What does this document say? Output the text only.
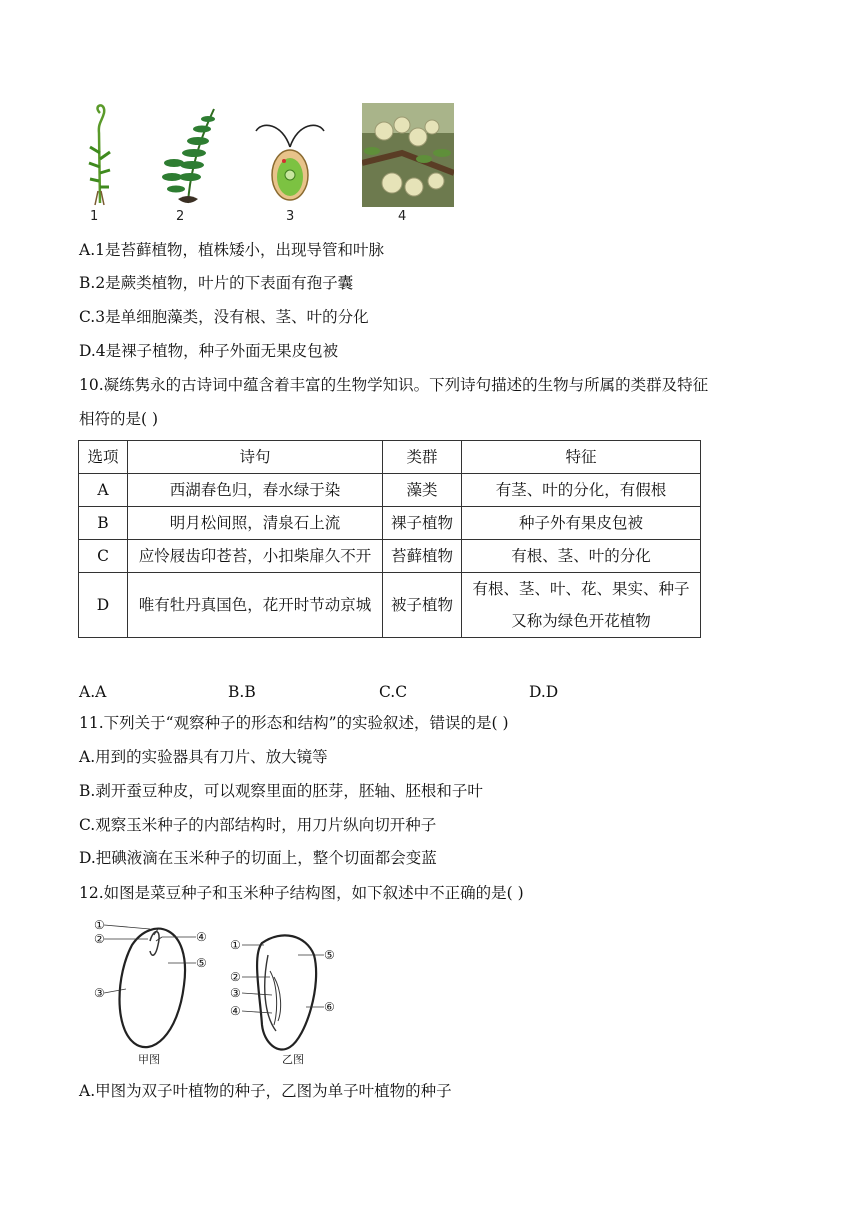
1	2	3	4
A.1是苔藓植物，植株矮小，出现导管和叶脉
B.2是蕨类植物，叶片的下表面有孢子囊
C.3是单细胞藻类，没有根、茎、叶的分化
D.4是裸子植物，种子外面无果皮包被
10.凝练隽永的古诗词中蕴含着丰富的生物学知识。下列诗句描述的生物与所属的类群及特征
相符的是( )
选项	诗句	类群	特征
A	西湖春色归，春水绿于染	藻类	有茎、叶的分化，有假根
B	明月松间照，清泉石上流	裸子植物	种子外有果皮包被
C	应怜屐齿印苍苔，小扣柴扉久不开	苔藓植物	有根、茎、叶的分化
D	唯有牡丹真国色，花开时节动京城	被子植物	有根、茎、叶、花、果实、种子又称为绿色开花植物
A.A	B.B	C.C	D.D
11.下列关于“观察种子的形态和结构”的实验叙述，错误的是( )
A.用到的实验器具有刀片、放大镜等
B.剥开蚕豆种皮，可以观察里面的胚芽，胚轴、胚根和子叶
C.观察玉米种子的内部结构时，用刀片纵向切开种子
D.把碘液滴在玉米种子的切面上，整个切面都会变蓝
12.如图是菜豆种子和玉米种子结构图，如下叙述中不正确的是( )
①
②
③
④
⑤
甲图
①
②
③
④
⑤
⑥
乙图
A.甲图为双子叶植物的种子，乙图为单子叶植物的种子
